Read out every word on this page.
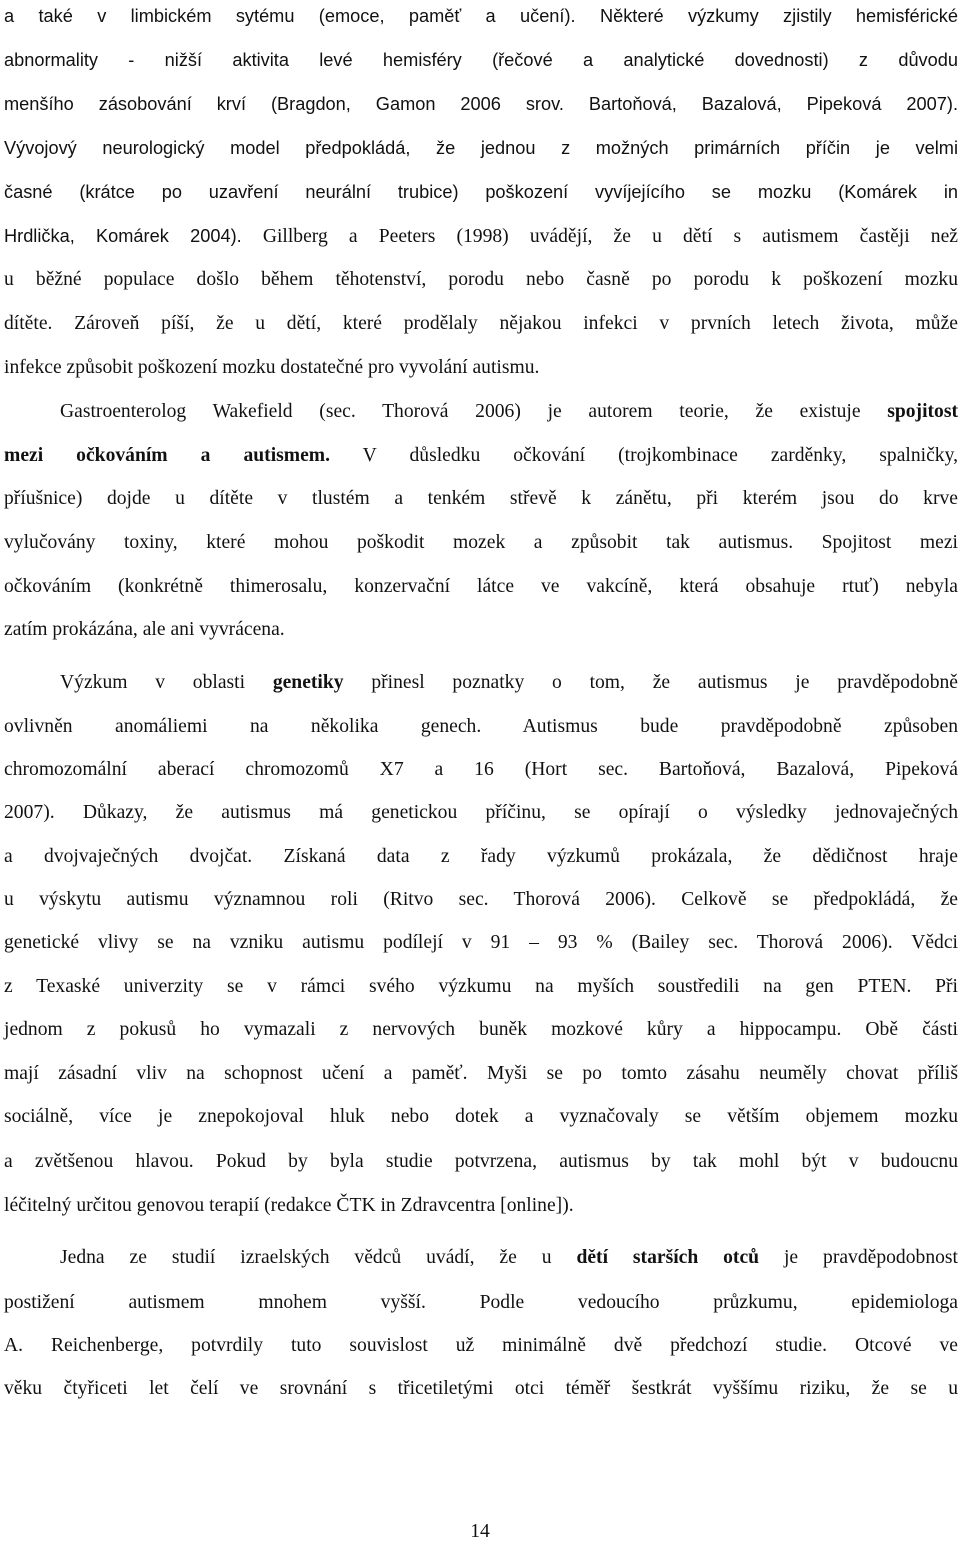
a také v limbickém sytému (emoce, paměť a učení). Některé výzkumy zjistily hemisférické
abnormality - nižší aktivita levé hemisféry (řečové a analytické dovednosti) z důvodu
menšího zásobování krví (Bragdon, Gamon 2006 srov. Bartoňová, Bazalová, Pipeková 2007).
Vývojový neurologický model předpokládá, že jednou z možných primárních příčin je velmi
časné (krátce po uzavření neurální trubice) poškození vyvíjejícího se mozku (Komárek in
Hrdlička, Komárek 2004). Gillberg a Peeters (1998) uvádějí, že u dětí s autismem častěji než
u běžné populace došlo během těhotenství, porodu nebo časně po porodu k poškození mozku
dítěte. Zároveň píší, že u dětí, které prodělaly nějakou infekci v prvních letech života, může
infekce způsobit poškození mozku dostatečné pro vyvolání autismu.
Gastroenterolog Wakefield (sec. Thorová 2006) je autorem teorie, že existuje spojitost
mezi očkováním a autismem. V důsledku očkování (trojkombinace zarděnky, spalničky,
příušnice) dojde u dítěte v tlustém a tenkém střevě k zánětu, při kterém jsou do krve
vylučovány toxiny, které mohou poškodit mozek a způsobit tak autismus. Spojitost mezi
očkováním (konkrétně thimerosalu, konzervační látce ve vakcíně, která obsahuje rtuť) nebyla
zatím prokázána, ale ani vyvrácena.
Výzkum v oblasti genetiky přinesl poznatky o tom, že autismus je pravděpodobně
ovlivněn anomáliemi na několika genech. Autismus bude pravděpodobně způsoben
chromozomální aberací chromozomů X7 a 16 (Hort sec. Bartoňová, Bazalová, Pipeková
2007). Důkazy, že autismus má genetickou příčinu, se opírají o výsledky jednovaječných
a dvojvaječných dvojčat. Získaná data z řady výzkumů prokázala, že dědičnost hraje
u výskytu autismu významnou roli (Ritvo sec. Thorová 2006). Celkově se předpokládá, že
genetické vlivy se na vzniku autismu podílejí v 91 – 93 % (Bailey sec. Thorová 2006). Vědci
z Texaské univerzity se v rámci svého výzkumu na myších soustředili na gen PTEN. Při
jednom z pokusů ho vymazali z nervových buněk mozkové kůry a hippocampu. Obě části
mají zásadní vliv na schopnost učení a paměť. Myši se po tomto zásahu neuměly chovat příliš
sociálně, více je znepokojoval hluk nebo dotek a vyznačovaly se větším objemem mozku
a zvětšenou hlavou. Pokud by byla studie potvrzena, autismus by tak mohl být v budoucnu
léčitelný určitou genovou terapií (redakce ČTK in Zdravcentra [online]).
Jedna ze studií izraelských vědců uvádí, že u dětí starších otců je pravděpodobnost
postižení autismem mnohem vyšší. Podle vedoucího průzkumu, epidemiologa
A. Reichenberge, potvrdily tuto souvislost už minimálně dvě předchozí studie. Otcové ve
věku čtyřiceti let čelí ve srovnání s třicetiletými otci téměř šestkrát vyššímu riziku, že se u
14
